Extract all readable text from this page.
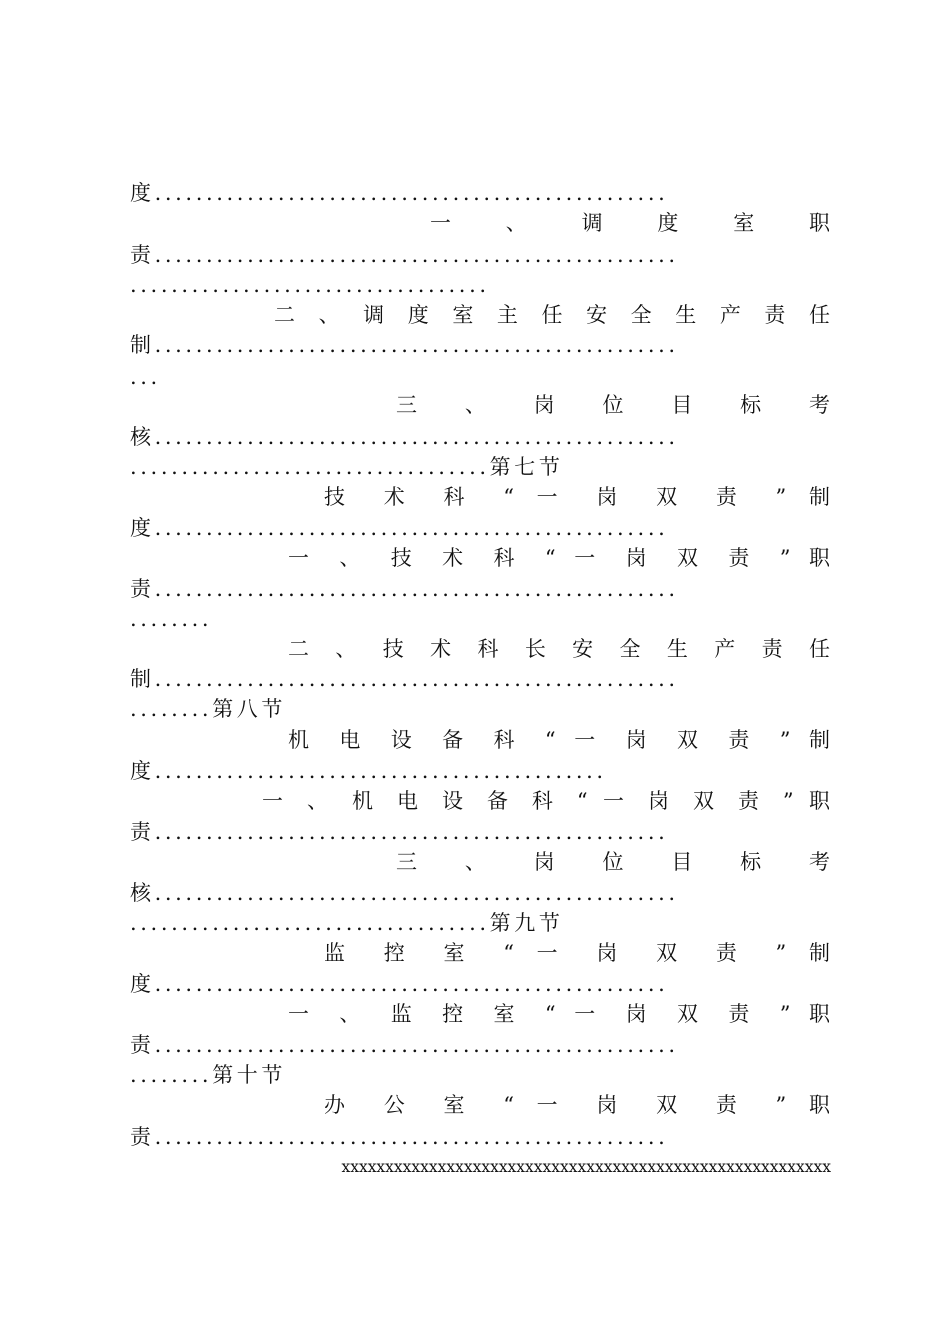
度..................................................
一 、 调 度 室 职
责...................................................
...................................
二 、 调 度 室 主 任 安 全 生 产 责 任
制...................................................
...
三 、 岗 位 目 标 考
核...................................................
...................................第七节
技 术 科 “ 一 岗 双 责 ” 制
度..................................................
一 、 技 术 科 “ 一 岗 双 责 ” 职
责...................................................
........
二 、 技 术 科 长 安 全 生 产 责 任
制...................................................
........第八节
机 电 设 备 科 “ 一 岗 双 责 ” 制
度............................................
一 、 机 电 设 备 科 “ 一 岗 双 责 ” 职
责..................................................
三 、 岗 位 目 标 考
核...................................................
...................................第九节
监 控 室 “ 一 岗 双 责 ” 制
度..................................................
一 、 监 控 室 “ 一 岗 双 责 ” 职
责...................................................
........第十节
办 公 室 “ 一 岗 双 责 ” 职
责..................................................
xxxxxxxxxxxxxxxxxxxxxxxxxxxxxxxxxxxxxxxxxxxxxxxxxxxxxxxx
